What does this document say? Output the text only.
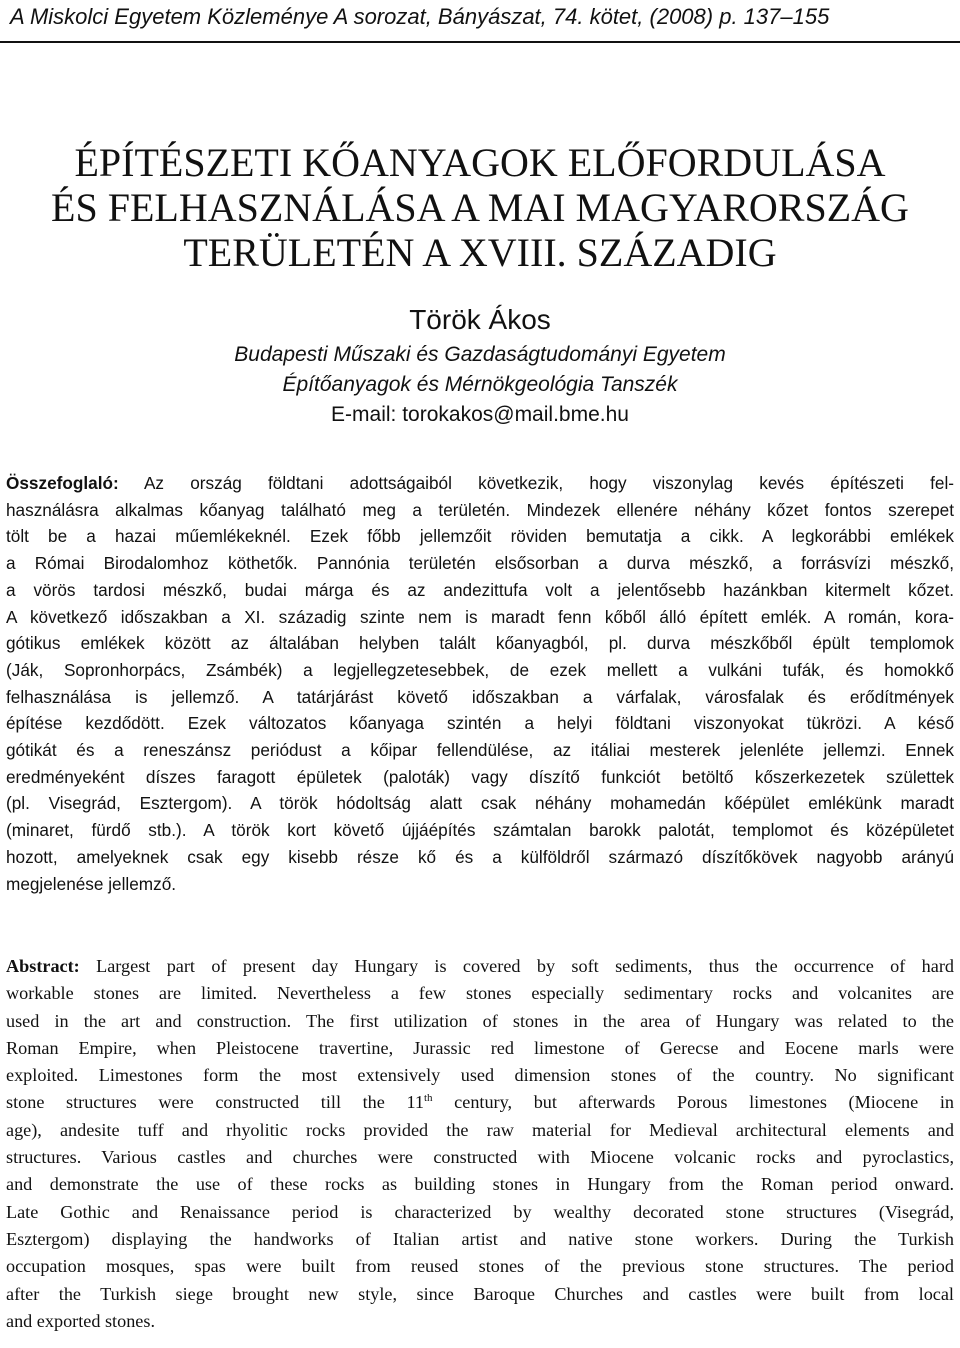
A Miskolci Egyetem Közleménye A sorozat, Bányászat, 74. kötet, (2008) p. 137–155
ÉPÍTÉSZETI KŐANYAGOK ELŐFORDULÁSA
ÉS FELHASZNÁLÁSA A MAI MAGYARORSZÁG
TERÜLETÉN A XVIII. SZÁZADIG
Török Ákos
Budapesti Műszaki és Gazdaságtudományi Egyetem
Építőanyagok és Mérnökgeológia Tanszék
E-mail: torokakos@mail.bme.hu
Összefoglaló: Az ország földtani adottságaiból következik, hogy viszonylag kevés építészeti fel-
használásra alkalmas kőanyag található meg a területén. Mindezek ellenére néhány kőzet fontos szerepet
tölt be a hazai műemlékeknél. Ezek főbb jellemzőit röviden bemutatja a cikk. A legkorábbi emlékek
a Római Birodalomhoz köthetők. Pannónia területén elsősorban a durva mészkő, a forrásvízi mészkő,
a vörös tardosi mészkő, budai márga és az andezittufa volt a jelentősebb hazánkban kitermelt kőzet.
A következő időszakban a XI. századig szinte nem is maradt fenn kőből álló épített emlék. A román, kora-
gótikus emlékek között az általában helyben talált kőanyagból, pl. durva mészkőből épült templomok
(Ják, Sopronhorpács, Zsámbék) a legjellegzetesebbek, de ezek mellett a vulkáni tufák, és homokkő
felhasználása is jellemző. A tatárjárást követő időszakban a várfalak, városfalak és erődítmények
építése kezdődött. Ezek változatos kőanyaga szintén a helyi földtani viszonyokat tükrözi. A késő
gótikát és a reneszánsz periódust a kőipar fellendülése, az itáliai mesterek jelenléte jellemzi. Ennek
eredményeként díszes faragott épületek (paloták) vagy díszítő funkciót betöltő kőszerkezetek születtek
(pl. Visegrád, Esztergom). A török hódoltság alatt csak néhány mohamedán kőépület emlékünk maradt
(minaret, fürdő stb.). A török kort követő újjáépítés számtalan barokk palotát, templomot és középületet
hozott, amelyeknek csak egy kisebb része kő és a külföldről származó díszítőkövek nagyobb arányú
megjelenése jellemző.
Abstract: Largest part of present day Hungary is covered by soft sediments, thus the occurrence of hard
workable stones are limited. Nevertheless a few stones especially sedimentary rocks and volcanites are
used in the art and construction. The first utilization of stones in the area of Hungary was related to the
Roman Empire, when Pleistocene travertine, Jurassic red limestone of Gerecse and Eocene marls were
exploited. Limestones form the most extensively used dimension stones of the country. No significant
stone structures were constructed till the 11th century, but afterwards Porous limestones (Miocene in
age), andesite tuff and rhyolitic rocks provided the raw material for Medieval architectural elements and
structures. Various castles and churches were constructed with Miocene volcanic rocks and pyroclastics,
and demonstrate the use of these rocks as building stones in Hungary from the Roman period onward.
Late Gothic and Renaissance period is characterized by wealthy decorated stone structures (Visegrád,
Esztergom) displaying the handworks of Italian artist and native stone workers. During the Turkish
occupation mosques, spas were built from reused stones of the previous stone structures. The period
after the Turkish siege brought new style, since Baroque Churches and castles were built from local
and exported stones.
